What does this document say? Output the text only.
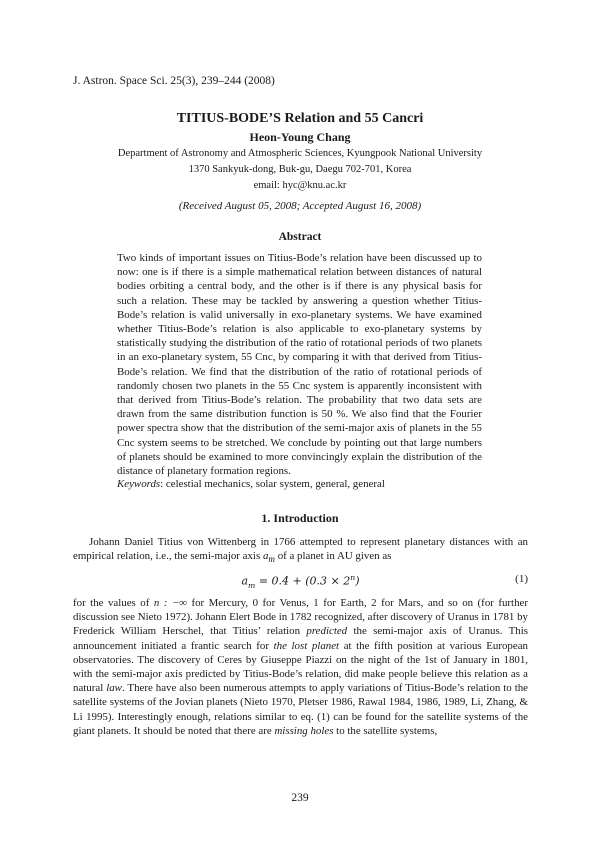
J. Astron. Space Sci. 25(3), 239–244 (2008)
TITIUS-BODE’S Relation and 55 Cancri
Heon-Young Chang
Department of Astronomy and Atmospheric Sciences, Kyungpook National University
1370 Sankyuk-dong, Buk-gu, Daegu 702-701, Korea
email: hyc@knu.ac.kr
(Received August 05, 2008; Accepted August 16, 2008)
Abstract
Two kinds of important issues on Titius-Bode’s relation have been discussed up to now: one is if there is a simple mathematical relation between distances of natural bodies orbiting a central body, and the other is if there is any physical basis for such a relation. These may be tackled by answering a question whether Titius-Bode’s relation is valid universally in exo-planetary systems. We have examined whether Titius-Bode’s relation is also applicable to exo-planetary systems by statistically studying the distribution of the ratio of rotational periods of two planets in an exo-planetary system, 55 Cnc, by comparing it with that derived from Titius-Bode’s relation. We find that the distribution of the ratio of rotational periods of randomly chosen two planets in the 55 Cnc system is apparently inconsistent with that derived from Titius-Bode’s relation. The probability that two data sets are drawn from the same distribution function is 50 %. We also find that the Fourier power spectra show that the distribution of the semi-major axis of planets in the 55 Cnc system seems to be stretched. We conclude by pointing out that large numbers of planets should be examined to more convincingly explain the distribution of the distance of planetary formation regions.
Keywords: celestial mechanics, solar system, general, general
1. Introduction
Johann Daniel Titius von Wittenberg in 1766 attempted to represent planetary distances with an empirical relation, i.e., the semi-major axis $a_m$ of a planet in AU given as
$a_m = 0.4 + (0.3 \times 2^n)$	(1)
for the values of n : −∞ for Mercury, 0 for Venus, 1 for Earth, 2 for Mars, and so on (for further discussion see Nieto 1972). Johann Elert Bode in 1782 recognized, after discovery of Uranus in 1781 by Frederick William Herschel, that Titius’ relation predicted the semi-major axis of Uranus. This announcement initiated a frantic search for the lost planet at the fifth position at various European observatories. The discovery of Ceres by Giuseppe Piazzi on the night of the 1st of January in 1801, with the semi-major axis predicted by Titius-Bode’s relation, did make people believe this relation as a natural law. There have also been numerous attempts to apply variations of Titius-Bode’s relation to the satellite systems of the Jovian planets (Nieto 1970, Pletser 1986, Rawal 1984, 1986, 1989, Li, Zhang, & Li 1995). Interestingly enough, relations similar to eq. (1) can be found for the satellite systems of the giant planets. It should be noted that there are missing holes to the satellite systems,
239
